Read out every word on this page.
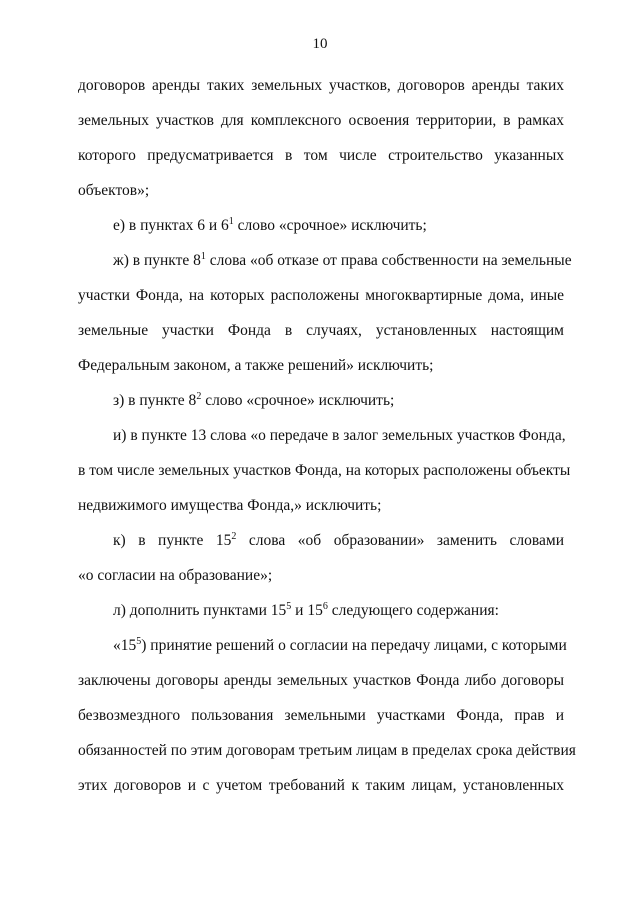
10
договоров аренды таких земельных участков, договоров аренды таких
земельных участков для комплексного освоения территории, в рамках
которого предусматривается в том числе строительство указанных
объектов»;
е) в пунктах 6 и $6^1$ слово «срочное» исключить;
ж) в пункте $8^1$ слова «об отказе от права собственности на земельные
участки Фонда, на которых расположены многоквартирные дома, иные
земельные участки Фонда в случаях, установленных настоящим
Федеральным законом, а также решений» исключить;
з) в пункте $8^2$ слово «срочное» исключить;
и) в пункте 13 слова «о передаче в залог земельных участков Фонда,
в том числе земельных участков Фонда, на которых расположены объекты
недвижимого имущества Фонда,» исключить;
к) в пункте $15^2$ слова «об образовании» заменить словами
«о согласии на образование»;
л) дополнить пунктами $15^5$ и $15^6$ следующего содержания:
«$15^5$) принятие решений о согласии на передачу лицами, с которыми
заключены договоры аренды земельных участков Фонда либо договоры
безвозмездного пользования земельными участками Фонда, прав и
обязанностей по этим договорам третьим лицам в пределах срока действия
этих договоров и с учетом требований к таким лицам, установленных
